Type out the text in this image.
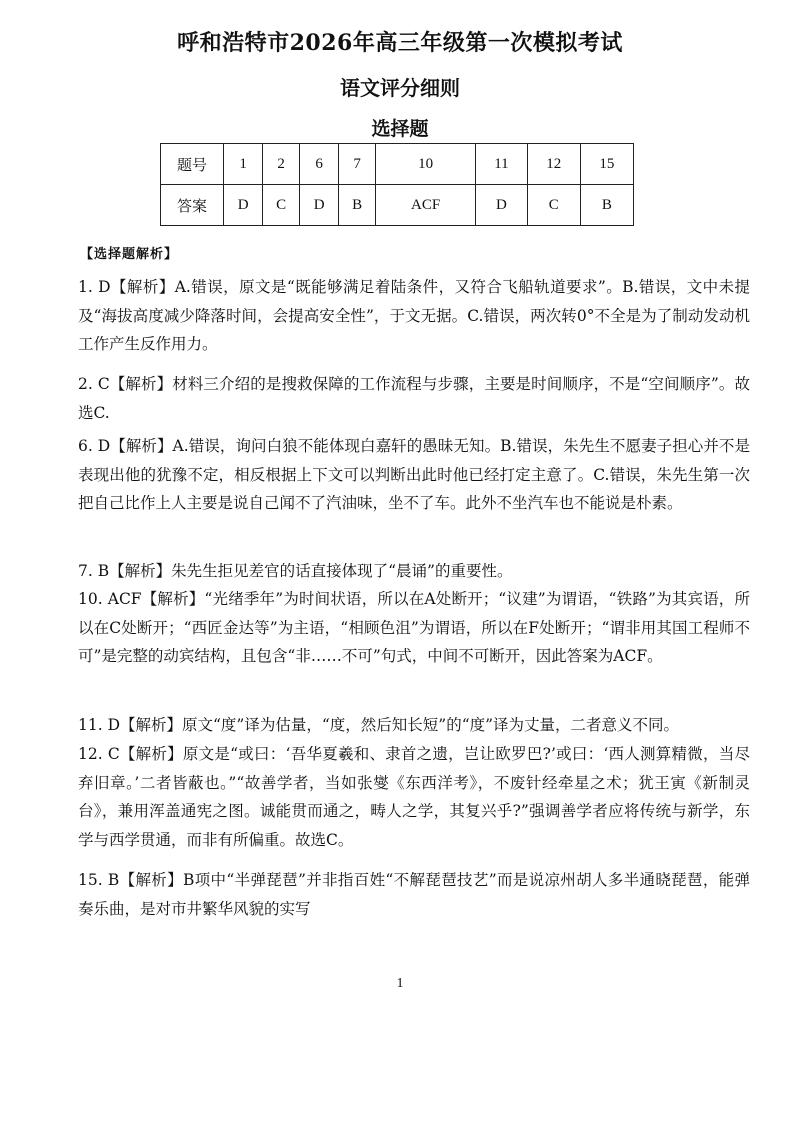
呼和浩特市2026年高三年级第一次模拟考试
语文评分细则
选择题
题号	1	2	6	7	10	11	12	15
答案	D	C	D	B	ACF	D	C	B
【选择题解析】
1. D【解析】A.错误，原文是“既能够满足着陆条件，又符合飞船轨道要求”。B.错误，文中未提及“海拔高度减少降落时间，会提高安全性”，于文无据。C.错误，两次转0°不全是为了制动发动机工作产生反作用力。
2. C【解析】材料三介绍的是搜救保障的工作流程与步骤，主要是时间顺序，不是“空间顺序”。故选C.
6. D【解析】A.错误，询问白狼不能体现白嘉轩的愚昧无知。B.错误，朱先生不愿妻子担心并不是表现出他的犹豫不定，相反根据上下文可以判断出此时他已经打定主意了。C.错误，朱先生第一次把自己比作上人主要是说自己闻不了汽油味，坐不了车。此外不坐汽车也不能说是朴素。
7. B【解析】朱先生拒见差官的话直接体现了“晨诵”的重要性。
10. ACF【解析】“光绪季年”为时间状语，所以在A处断开；“议建”为谓语，“铁路”为其宾语，所以在C处断开；“西匠金达等”为主语，“相顾色沮”为谓语，所以在F处断开；“谓非用其国工程师不可”是完整的动宾结构，且包含“非……不可”句式，中间不可断开，因此答案为ACF。
11. D【解析】原文“度”译为估量，“度，然后知长短”的“度”译为丈量，二者意义不同。
12. C【解析】原文是“或曰：‘吾华夏羲和、隶首之遗，岂让欧罗巴?’或曰：‘西人测算精微，当尽弃旧章。’二者皆蔽也。”“故善学者，当如张燮《东西洋考》，不废针经牵星之术；犹王寅《新制灵台》，兼用浑盖通宪之图。诚能贯而通之，畴人之学，其复兴乎?”强调善学者应将传统与新学，东学与西学贯通，而非有所偏重。故选C。
15. B【解析】B项中“半弹琵琶”并非指百姓“不解琵琶技艺”而是说凉州胡人多半通晓琵琶，能弹奏乐曲，是对市井繁华风貌的实写
1
